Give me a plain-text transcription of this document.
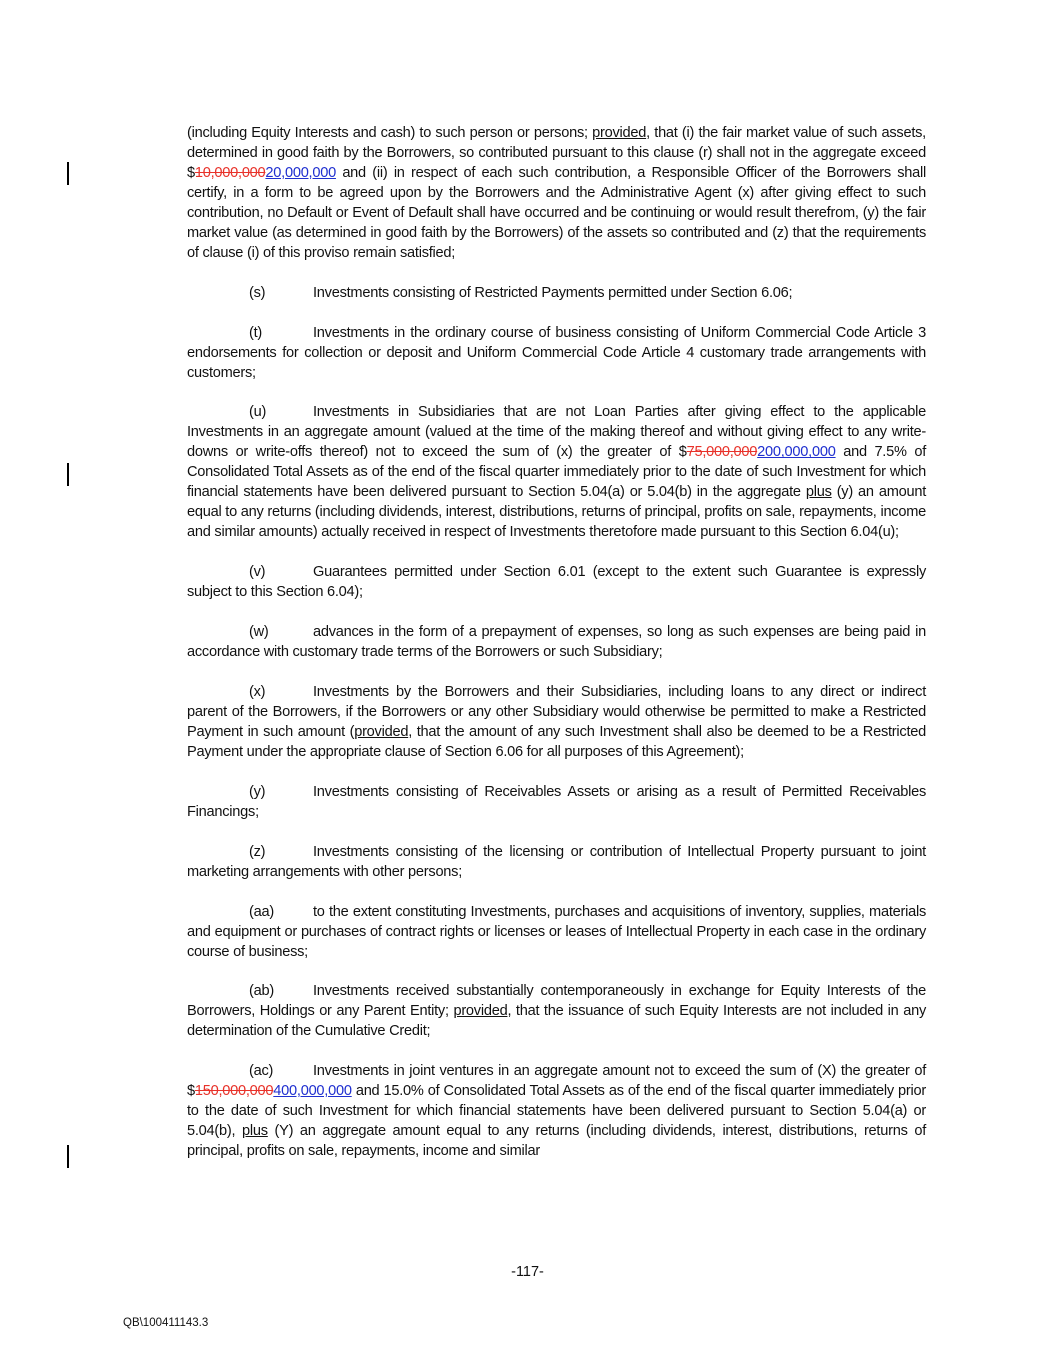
(including Equity Interests and cash) to such person or persons; provided, that (i) the fair market value of such assets, determined in good faith by the Borrowers, so contributed pursuant to this clause (r) shall not in the aggregate exceed $10,000,00020,000,000 and (ii) in respect of each such contribution, a Responsible Officer of the Borrowers shall certify, in a form to be agreed upon by the Borrowers and the Administrative Agent (x) after giving effect to such contribution, no Default or Event of Default shall have occurred and be continuing or would result therefrom, (y) the fair market value (as determined in good faith by the Borrowers) of the assets so contributed and (z) that the requirements of clause (i) of this proviso remain satisfied;

(s)	Investments consisting of Restricted Payments permitted under Section 6.06;

(t)	Investments in the ordinary course of business consisting of Uniform Commercial Code Article 3 endorsements for collection or deposit and Uniform Commercial Code Article 4 customary trade arrangements with customers;

(u)	Investments in Subsidiaries that are not Loan Parties after giving effect to the applicable Investments in an aggregate amount (valued at the time of the making thereof and without giving effect to any write-downs or write-offs thereof) not to exceed the sum of (x) the greater of $75,000,000200,000,000 and 7.5% of Consolidated Total Assets as of the end of the fiscal quarter immediately prior to the date of such Investment for which financial statements have been delivered pursuant to Section 5.04(a) or 5.04(b) in the aggregate plus (y) an amount equal to any returns (including dividends, interest, distributions, returns of principal, profits on sale, repayments, income and similar amounts) actually received in respect of Investments theretofore made pursuant to this Section 6.04(u);

(v)	Guarantees permitted under Section 6.01 (except to the extent such Guarantee is expressly subject to this Section 6.04);

(w)	advances in the form of a prepayment of expenses, so long as such expenses are being paid in accordance with customary trade terms of the Borrowers or such Subsidiary;

(x)	Investments by the Borrowers and their Subsidiaries, including loans to any direct or indirect parent of the Borrowers, if the Borrowers or any other Subsidiary would otherwise be permitted to make a Restricted Payment in such amount (provided, that the amount of any such Investment shall also be deemed to be a Restricted Payment under the appropriate clause of Section 6.06 for all purposes of this Agreement);

(y)	Investments consisting of Receivables Assets or arising as a result of Permitted Receivables Financings;

(z)	Investments consisting of the licensing or contribution of Intellectual Property pursuant to joint marketing arrangements with other persons;

(aa)	to the extent constituting Investments, purchases and acquisitions of inventory, supplies, materials and equipment or purchases of contract rights or licenses or leases of Intellectual Property in each case in the ordinary course of business;

(ab)	Investments received substantially contemporaneously in exchange for Equity Interests of the Borrowers, Holdings or any Parent Entity; provided, that the issuance of such Equity Interests are not included in any determination of the Cumulative Credit;

(ac)	Investments in joint ventures in an aggregate amount not to exceed the sum of (X) the greater of $150,000,000400,000,000 and 15.0% of Consolidated Total Assets as of the end of the fiscal quarter immediately prior to the date of such Investment for which financial statements have been delivered pursuant to Section 5.04(a) or 5.04(b), plus (Y) an aggregate amount equal to any returns (including dividends, interest, distributions, returns of principal, profits on sale, repayments, income and similar

-117-
QB\100411143.3
